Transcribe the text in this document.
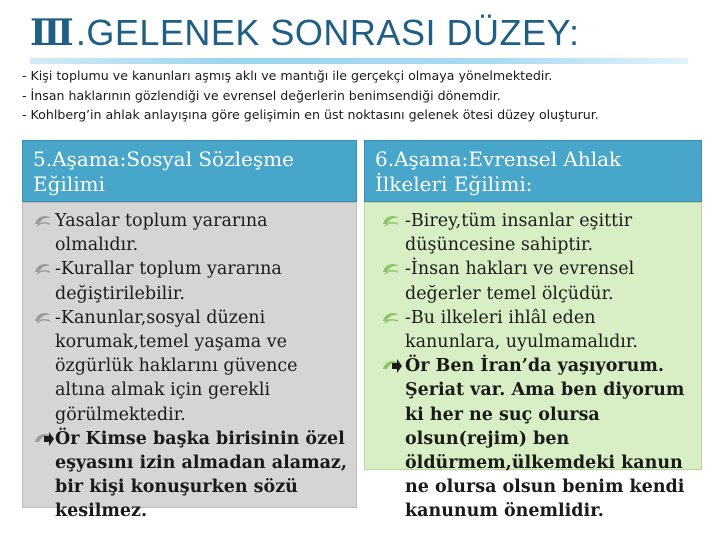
Ⅲ .GELENEK SONRASI DÜZEY:
- Kişi toplumu ve kanunları aşmış aklı ve mantığı ile gerçekçi olmaya yönelmektedir.
- İnsan haklarının gözlendiği ve evrensel değerlerin benimsendiği dönemdir.
- Kohlberg’in ahlak anlayışına göre gelişimin en üst noktasını gelenek ötesi düzey oluşturur.
5.Aşama:Sosyal Sözleşme Eğilimi
6.Aşama:Evrensel Ahlak İlkeleri Eğilimi:
Yasalar toplum yararına olmalıdır.
-Kurallar toplum yararına değiştirilebilir.
-Kanunlar,sosyal düzeni korumak,temel yaşama ve özgürlük haklarını güvence altına almak için gerekli görülmektedir.
Ör Kimse başka birisinin özel eşyasını izin almadan alamaz, bir kişi konuşurken sözü kesilmez.
-Birey,tüm insanlar eşittir düşüncesine sahiptir.
-İnsan hakları ve evrensel değerler temel ölçüdür.
-Bu ilkeleri ihlâl eden kanunlara, uyulmamalıdır.
Ör Ben İran’da yaşıyorum. Şeriat var. Ama ben diyorum ki her ne suç olursa olsun(rejim) ben öldürmem,ülkemdeki kanun ne olursa olsun benim kendi kanunum önemlidir.
